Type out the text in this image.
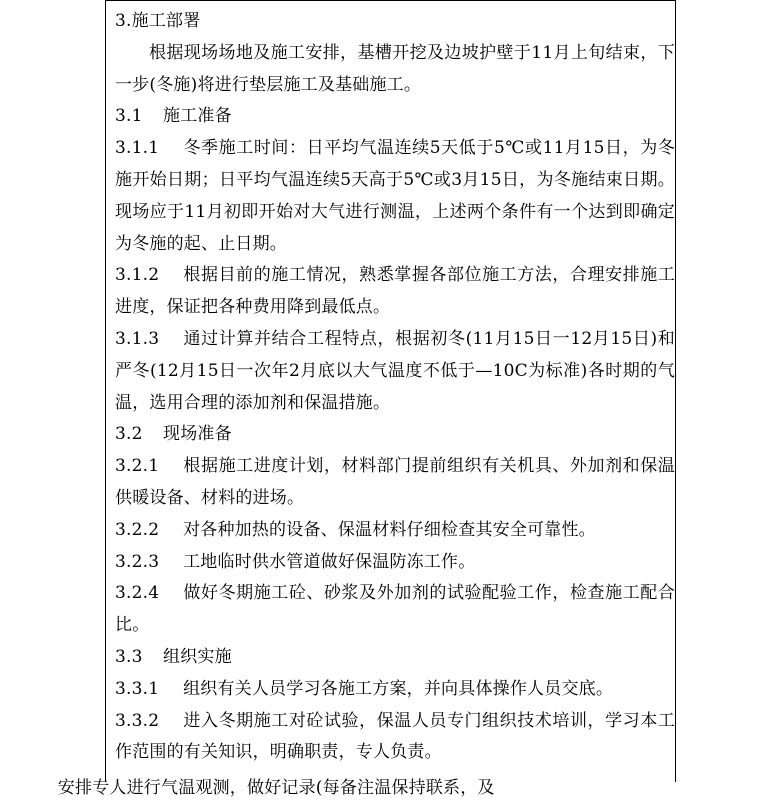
3.施工部署

根据现场场地及施工安排，基槽开挖及边坡护壁于11月上旬结束，下一步(冬施)将进行垫层施工及基础施工。

3.1 施工准备

3.1.1 冬季施工时间：日平均气温连续5天低于5℃或11月15日，为冬施开始日期；日平均气温连续5天高于5℃或3月15日，为冬施结束日期。现场应于11月初即开始对大气进行测温，上述两个条件有一个达到即确定为冬施的起、止日期。

3.1.2 根据目前的施工情况，熟悉掌握各部位施工方法，合理安排施工进度，保证把各种费用降到最低点。

3.1.3 通过计算并结合工程特点，根据初冬(11月15日一12月15日)和严冬(12月15日一次年2月底以大气温度不低于—10C为标准)各时期的气温，选用合理的添加剂和保温措施。

3.2 现场准备

3.2.1 根据施工进度计划，材料部门提前组织有关机具、外加剂和保温供暖设备、材料的进场。

3.2.2 对各种加热的设备、保温材料仔细检查其安全可靠性。

3.2.3 工地临时供水管道做好保温防冻工作。

3.2.4 做好冬期施工砼、砂浆及外加剂的试验配验工作，检查施工配合比。

3.3 组织实施

3.3.1 组织有关人员学习各施工方案，并向具体操作人员交底。

3.3.2 进入冬期施工对砼试验，保温人员专门组织技术培训，学习本工作范围的有关知识，明确职责，专人负责。

安排专人进行气温观测，做好记录(每备注温保持联系，及
